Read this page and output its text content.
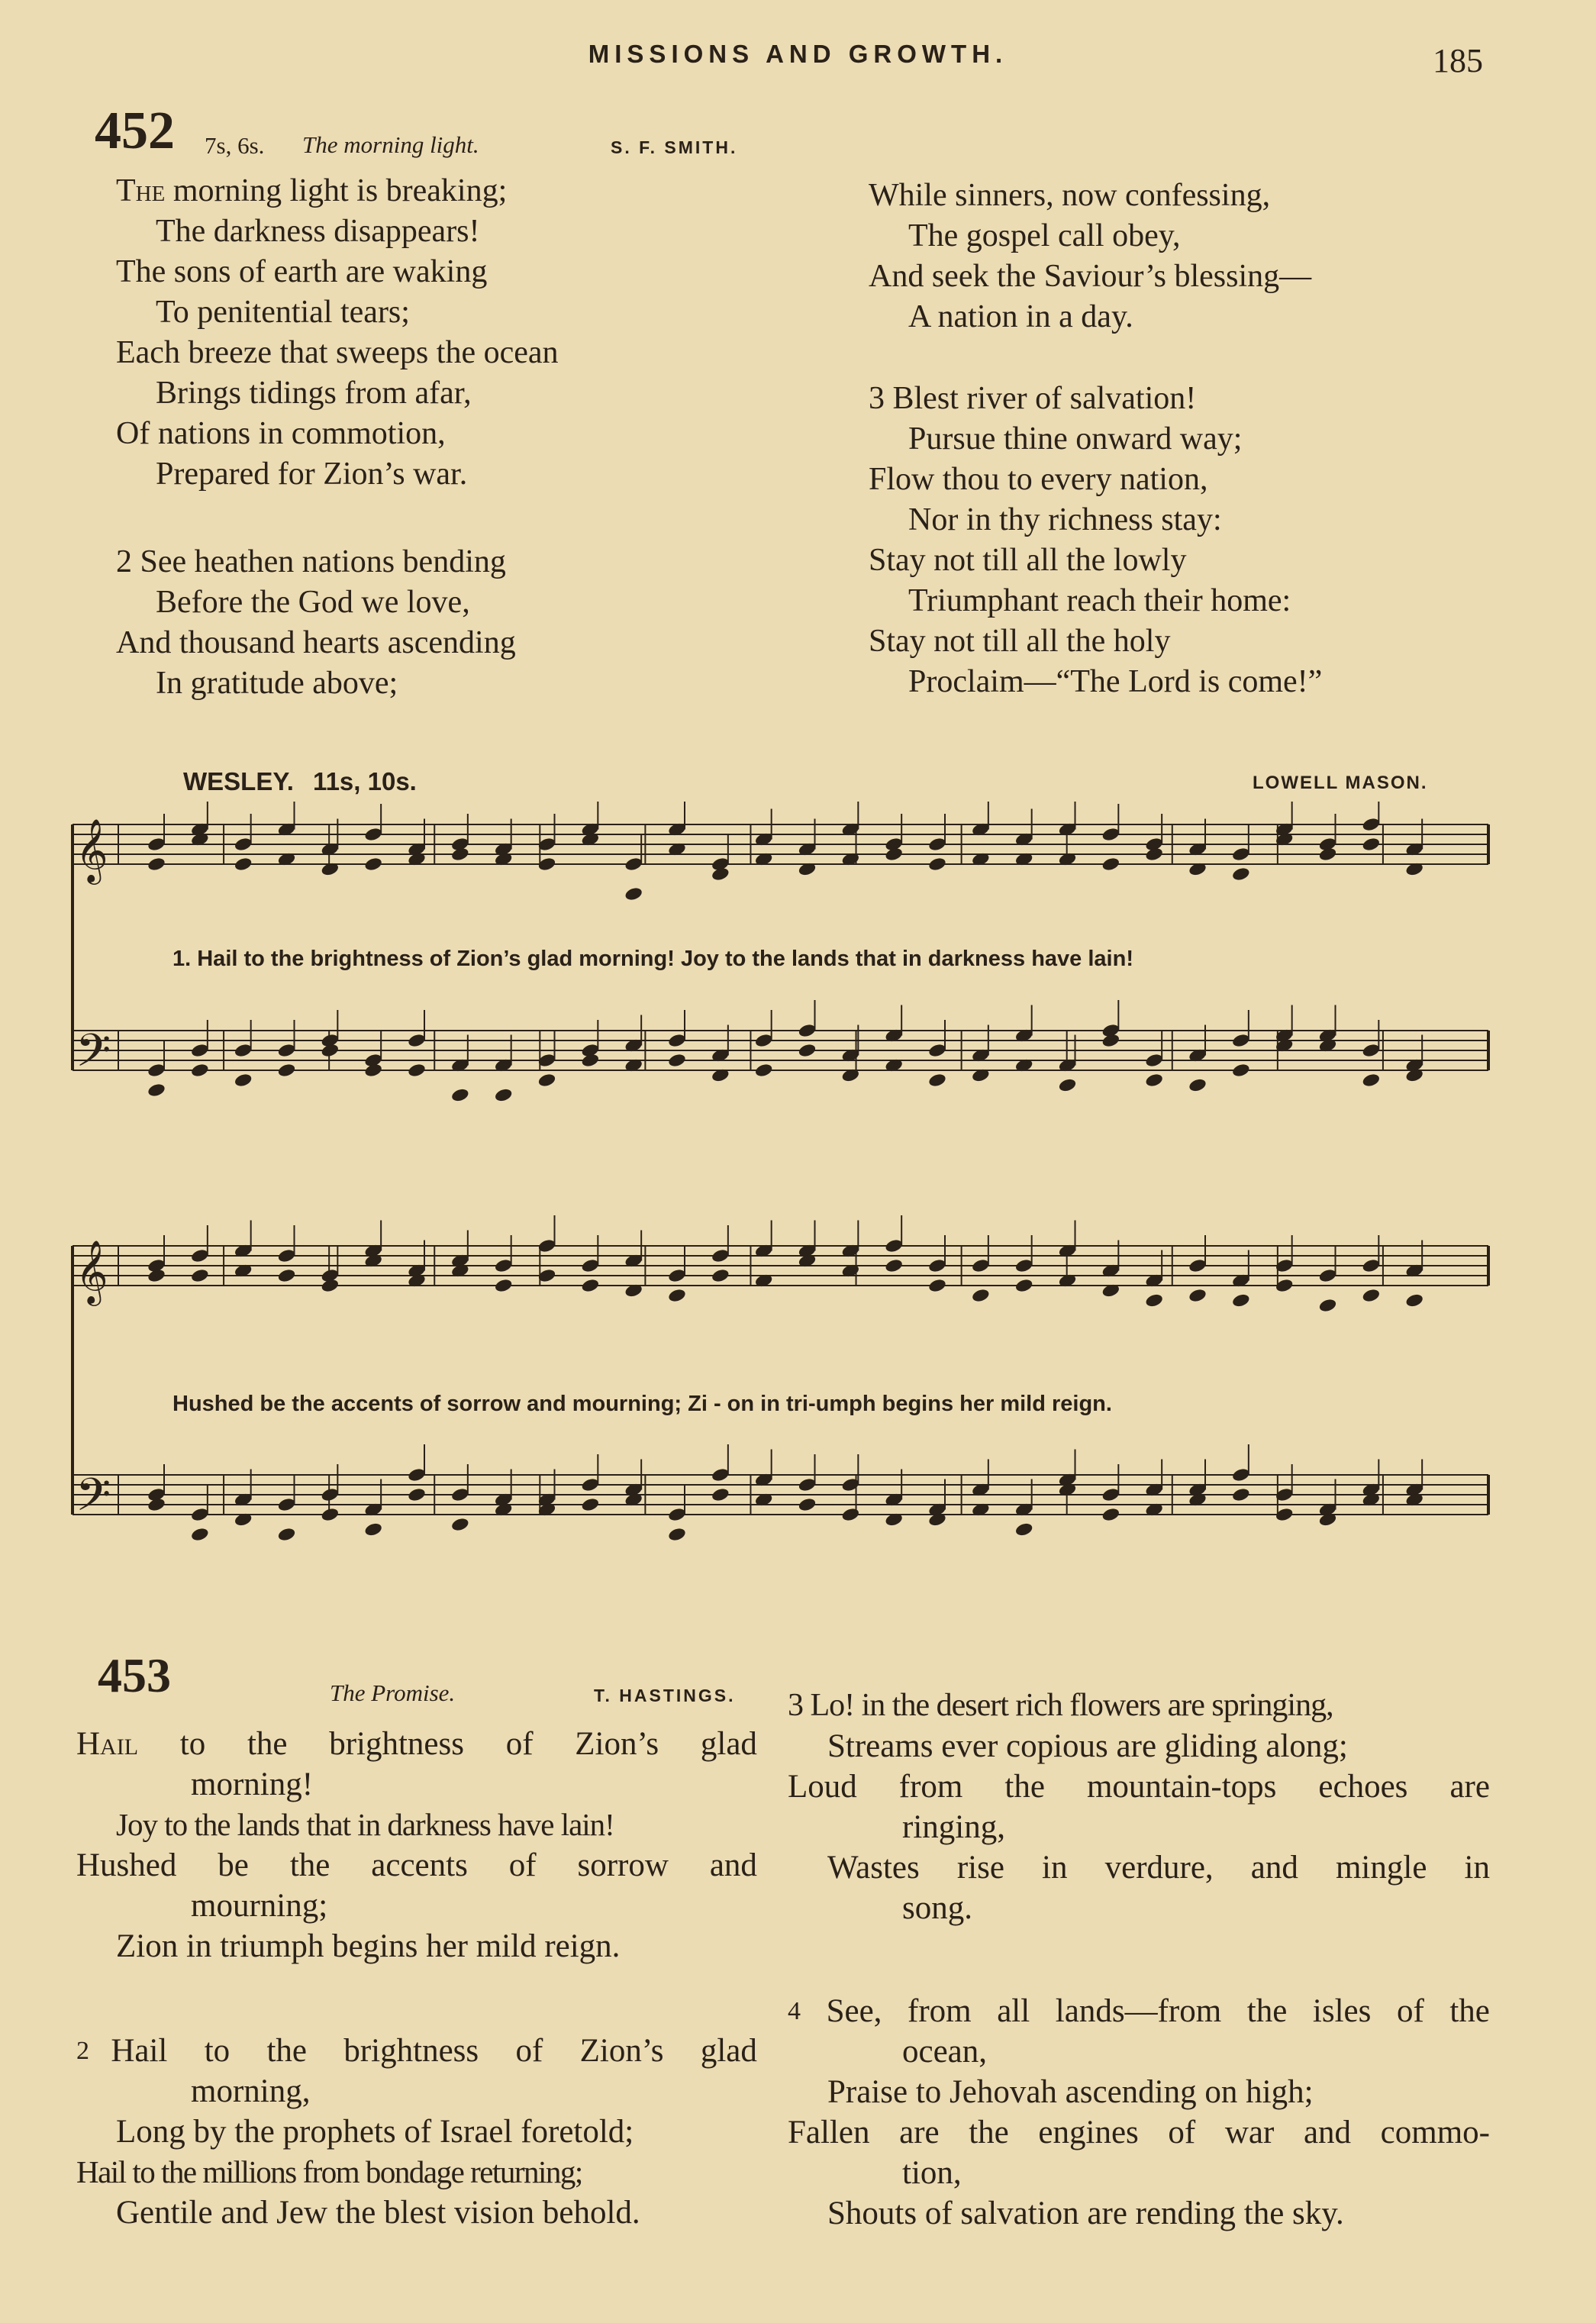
MISSIONS AND GROWTH.	185
452 7s, 6s. The morning light.	S. F. SMITH.
The morning light is breaking;
The darkness disappears!
The sons of earth are waking
To penitential tears;
Each breeze that sweeps the ocean
Brings tidings from afar,
Of nations in commotion,
Prepared for Zion’s war.
2 See heathen nations bending
Before the God we love,
And thousand hearts ascending
In gratitude above;
While sinners, now confessing,
The gospel call obey,
And seek the Saviour’s blessing—
A nation in a day.
3 Blest river of salvation!
Pursue thine onward way;
Flow thou to every nation,
Nor in thy richness stay:
Stay not till all the lowly
Triumphant reach their home:
Stay not till all the holy
Proclaim—“The Lord is come!”
WESLEY. 11s, 10s.	LOWELL MASON.
𝄞
𝄢
𝄞
𝄢
1. Hail to the brightness of Zion’s glad morning! Joy to the lands that in darkness have lain!
Hushed be the accents of sorrow and mourning; Zi - on in tri-umph begins her mild reign.
453	The Promise.	T. HASTINGS.
Hail to the brightness of Zion’s glad
morning!
Joy to the lands that in darkness have lain!
Hushed be the accents of sorrow and
mourning;
Zion in triumph begins her mild reign.
2 Hail to the brightness of Zion’s glad
morning,
Long by the prophets of Israel foretold;
Hail to the millions from bondage returning;
Gentile and Jew the blest vision behold.
3 Lo! in the desert rich flowers are springing,
Streams ever copious are gliding along;
Loud from the mountain-tops echoes are
ringing,
Wastes rise in verdure, and mingle in
song.
4 See, from all lands—from the isles of the
ocean,
Praise to Jehovah ascending on high;
Fallen are the engines of war and commo-
tion,
Shouts of salvation are rending the sky.
